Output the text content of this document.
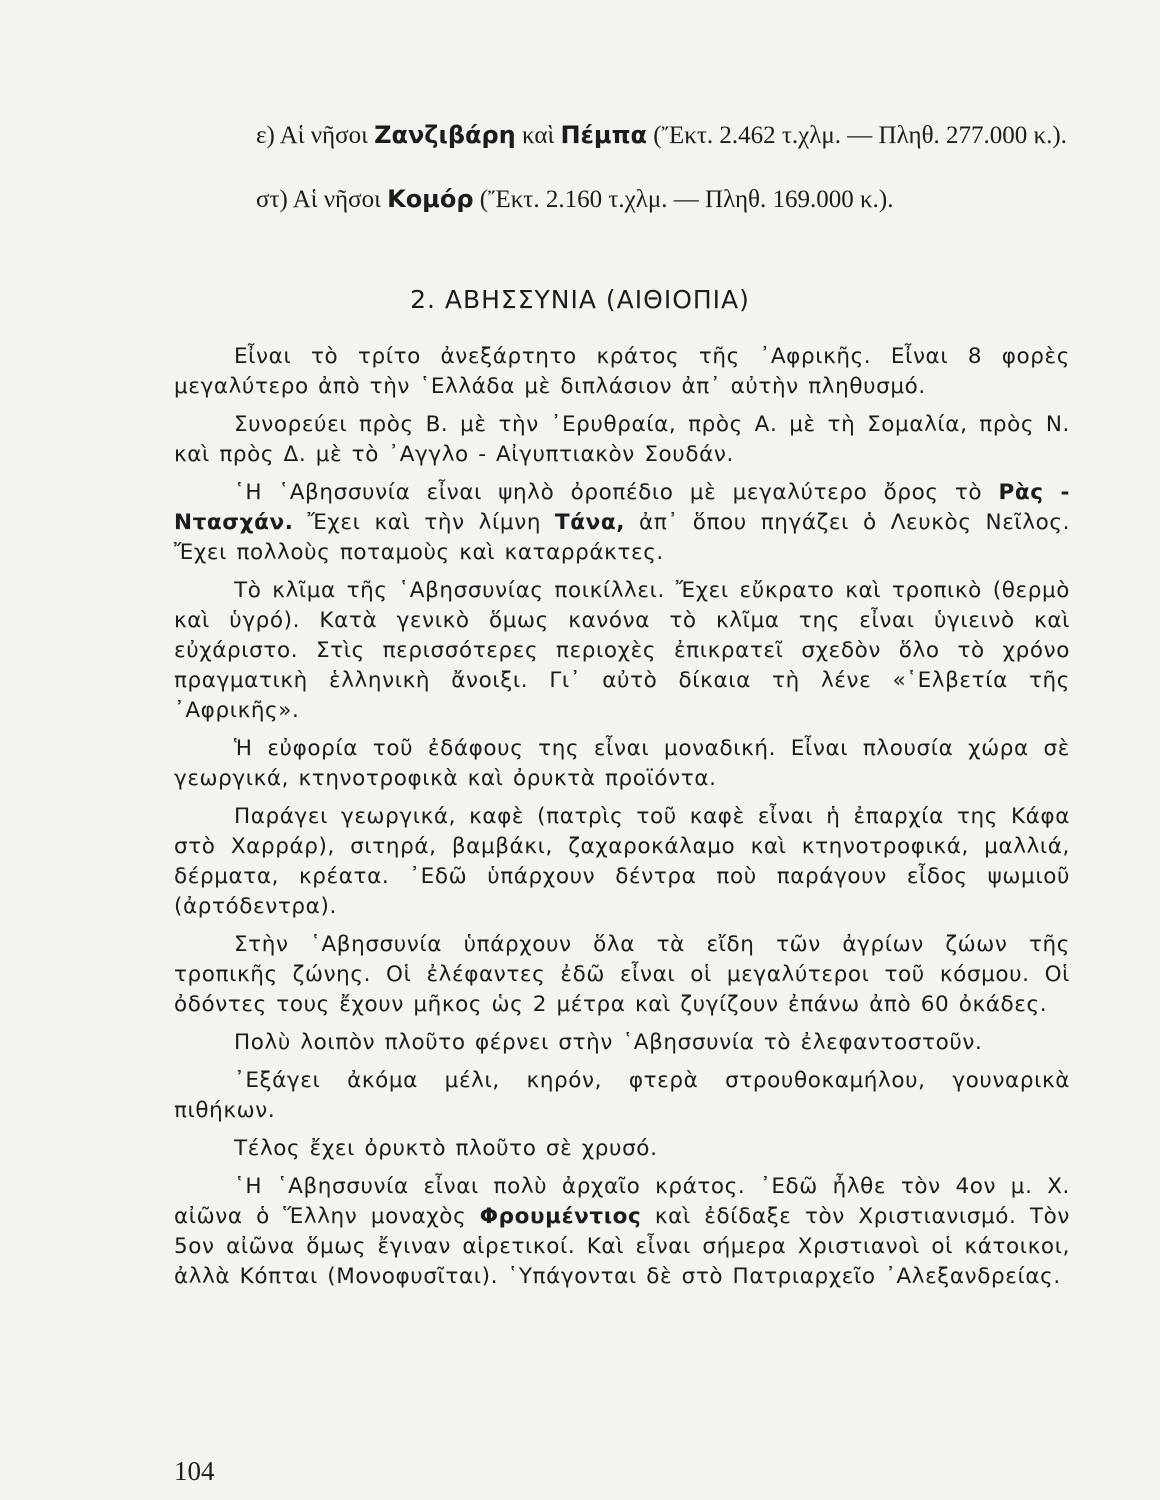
ε) Αἱ νῆσοι Ζανζιβάρη καὶ Πέμπα (Ἔκτ. 2.462 τ.χλμ. — Πληθ. 277.000 κ.).
στ) Αἱ νῆσοι Κομόρ (Ἔκτ. 2.160 τ.χλμ. — Πληθ. 169.000 κ.).
2. ΑΒΗΣΣΥΝΙΑ (ΑΙΘΙΟΠΙΑ)

Εἶναι τὸ τρίτο ἀνεξάρτητο κράτος τῆς ᾿Αφρικῆς. Εἶναι 8 φορὲς μεγαλύτερο ἀπὸ τὴν ῾Ελλάδα μὲ διπλάσιον ἀπ᾿ αὐτὴν πληθυσμό.

Συνορεύει πρὸς Β. μὲ τὴν ᾿Ερυθραία, πρὸς Α. μὲ τὴ Σομαλία, πρὸς Ν. καὶ πρὸς Δ. μὲ τὸ ᾿Αγγλο - Αἰγυπτιακὸν Σουδάν.

῾Η ῾Αβησσυνία εἶναι ψηλὸ ὀροπέδιο μὲ μεγαλύτερο ὄρος τὸ Ρὰς - Ντασχάν. Ἔχει καὶ τὴν λίμνη Τάνα, ἀπ᾿ ὅπου πηγάζει ὁ Λευκὸς Νεῖλος. Ἔχει πολλοὺς ποταμοὺς καὶ καταρράκτες.

Τὸ κλῖμα τῆς ῾Αβησσυνίας ποικίλλει. Ἔχει εὔκρατο καὶ τροπικὸ (θερμὸ καὶ ὑγρό). Κατὰ γενικὸ ὅμως κανόνα τὸ κλῖμα της εἶναι ὑγιεινὸ καὶ εὐχάριστο. Στὶς περισσότερες περιοχὲς ἐπικρατεῖ σχεδὸν ὅλο τὸ χρόνο πραγματικὴ ἑλληνικὴ ἄνοιξι. Γι᾿ αὐτὸ δίκαια τὴ λένε «῾Ελβετία τῆς ᾿Αφρικῆς».

Ἡ εὐφορία τοῦ ἐδάφους της εἶναι μοναδική. Εἶναι πλουσία χώρα σὲ γεωργικά, κτηνοτροφικὰ καὶ ὀρυκτὰ προϊόντα.

Παράγει γεωργικά, καφὲ (πατρὶς τοῦ καφὲ εἶναι ἡ ἐπαρχία της Κάφα στὸ Χαρράρ), σιτηρά, βαμβάκι, ζαχαροκάλαμο καὶ κτηνοτροφικά, μαλλιά, δέρματα, κρέατα. ᾿Εδῶ ὑπάρχουν δέντρα ποὺ παράγουν εἶδος ψωμιοῦ (ἀρτόδεντρα).

Στὴν ῾Αβησσυνία ὑπάρχουν ὅλα τὰ εἴδη τῶν ἀγρίων ζώων τῆς τροπικῆς ζώνης. Οἱ ἐλέφαντες ἐδῶ εἶναι οἱ μεγαλύτεροι τοῦ κόσμου. Οἱ ὀδόντες τους ἔχουν μῆκος ὡς 2 μέτρα καὶ ζυγίζουν ἐπάνω ἀπὸ 60 ὀκάδες.

Πολὺ λοιπὸν πλοῦτο φέρνει στὴν ῾Αβησσυνία τὸ ἐλεφαντοστοῦν.

᾿Εξάγει ἀκόμα μέλι, κηρόν, φτερὰ στρουθοκαμήλου, γουναρικὰ πιθήκων.

Τέλος ἔχει ὀρυκτὸ πλοῦτο σὲ χρυσό.

῾Η ῾Αβησσυνία εἶναι πολὺ ἀρχαῖο κράτος. ᾿Εδῶ ἦλθε τὸν 4ον μ. Χ. αἰῶνα ὁ Ἕλλην μοναχὸς Φρουμέντιος καὶ ἐδίδαξε τὸν Χριστιανισμό. Τὸν 5ον αἰῶνα ὅμως ἔγιναν αἱρετικοί. Καὶ εἶναι σήμερα Χριστιανοὶ οἱ κάτοικοι, ἀλλὰ Κόπται (Μονοφυσῖται). ῾Υπάγονται δὲ στὸ Πατριαρχεῖο ᾿Αλεξανδρείας.

104
